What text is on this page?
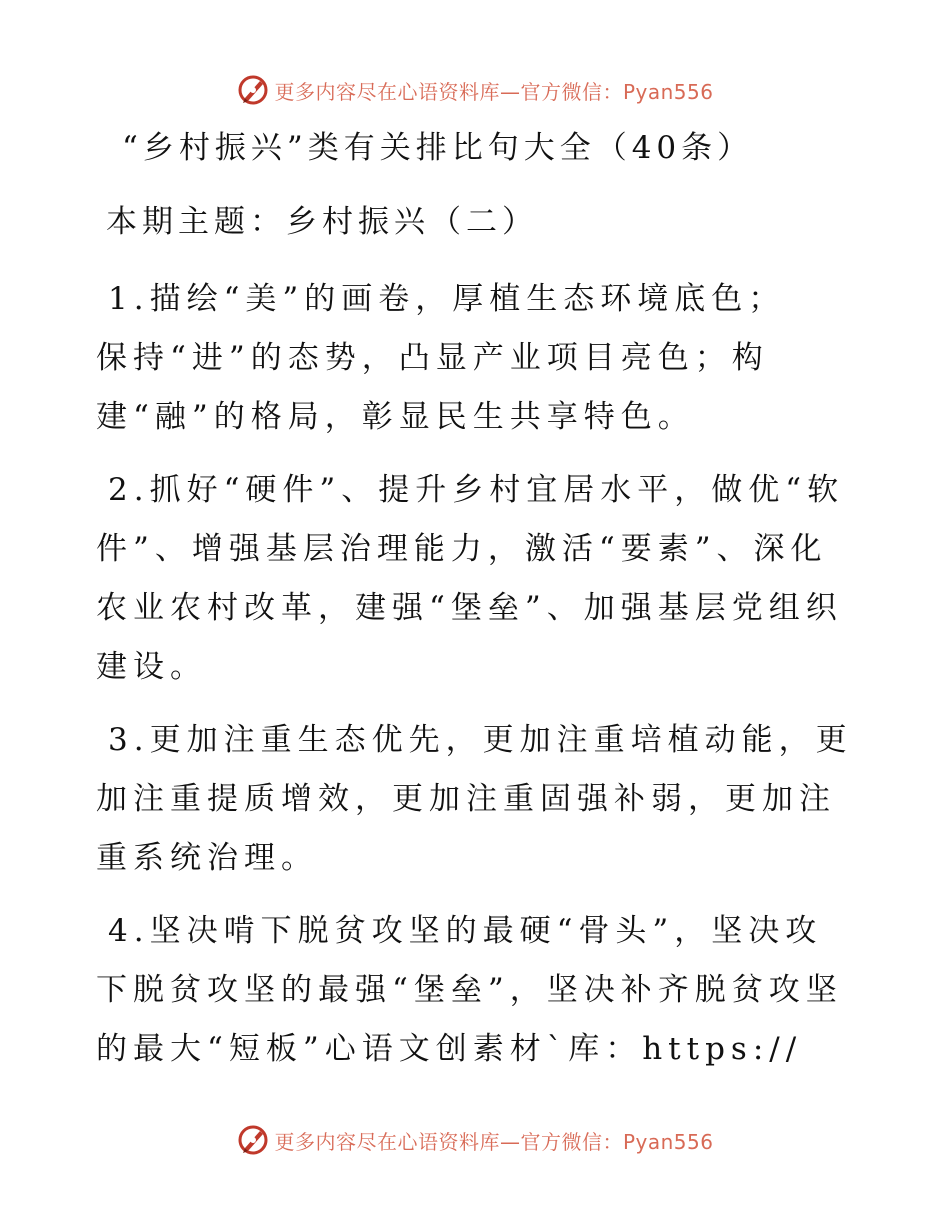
更多内容尽在心语资料库—官方微信：Pyan556
“乡村振兴”类有关排比句大全（40条）
本期主题：乡村振兴（二）
1.描绘“美”的画卷，厚植生态环境底色；保持“进”的态势，凸显产业项目亮色；构建“融”的格局，彰显民生共享特色。
2.抓好“硬件”、提升乡村宜居水平，做优“软件”、增强基层治理能力，激活“要素”、深化农业农村改革，建强“堡垒”、加强基层党组织建设。
3.更加注重生态优先，更加注重培植动能，更加注重提质增效，更加注重固强补弱，更加注重系统治理。
4.坚决啃下脱贫攻坚的最硬“骨头”，坚决攻下脱贫攻坚的最强“堡垒”，坚决补齐脱贫攻坚的最大“短板”心语文创素材`库：https://
更多内容尽在心语资料库—官方微信：Pyan556
